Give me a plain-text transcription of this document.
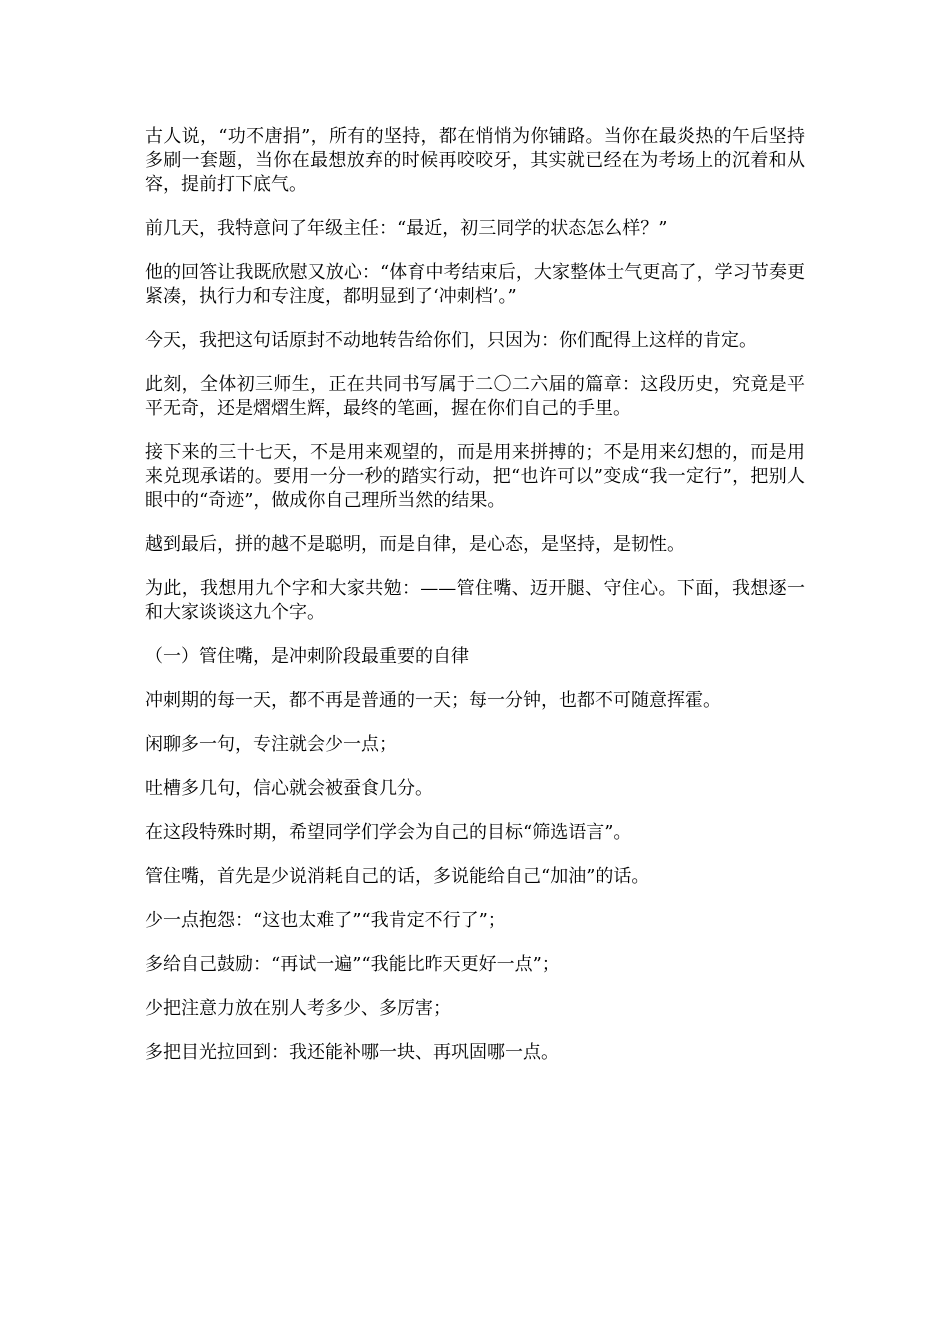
古人说，“功不唐捐”，所有的坚持，都在悄悄为你铺路。当你在最炎热的午后坚持多刷一套题，当你在最想放弃的时候再咬咬牙，其实就已经在为考场上的沉着和从容，提前打下底气。

前几天，我特意问了年级主任：“最近，初三同学的状态怎么样？”

他的回答让我既欣慰又放心：“体育中考结束后，大家整体士气更高了，学习节奏更紧凑，执行力和专注度，都明显到了‘冲刺档’。”

今天，我把这句话原封不动地转告给你们，只因为：你们配得上这样的肯定。

此刻，全体初三师生，正在共同书写属于二〇二六届的篇章：这段历史，究竟是平平无奇，还是熠熠生辉，最终的笔画，握在你们自己的手里。

接下来的三十七天，不是用来观望的，而是用来拼搏的；不是用来幻想的，而是用来兑现承诺的。要用一分一秒的踏实行动，把“也许可以”变成“我一定行”，把别人眼中的“奇迹”，做成你自己理所当然的结果。

越到最后，拼的越不是聪明，而是自律，是心态，是坚持，是韧性。

为此，我想用九个字和大家共勉：——管住嘴、迈开腿、守住心。下面，我想逐一和大家谈谈这九个字。

（一）管住嘴，是冲刺阶段最重要的自律

冲刺期的每一天，都不再是普通的一天；每一分钟，也都不可随意挥霍。

闲聊多一句，专注就会少一点；

吐槽多几句，信心就会被蚕食几分。

在这段特殊时期，希望同学们学会为自己的目标“筛选语言”。

管住嘴，首先是少说消耗自己的话，多说能给自己“加油”的话。

少一点抱怨：“这也太难了”“我肯定不行了”；

多给自己鼓励：“再试一遍”“我能比昨天更好一点”；

少把注意力放在别人考多少、多厉害；

多把目光拉回到：我还能补哪一块、再巩固哪一点。
